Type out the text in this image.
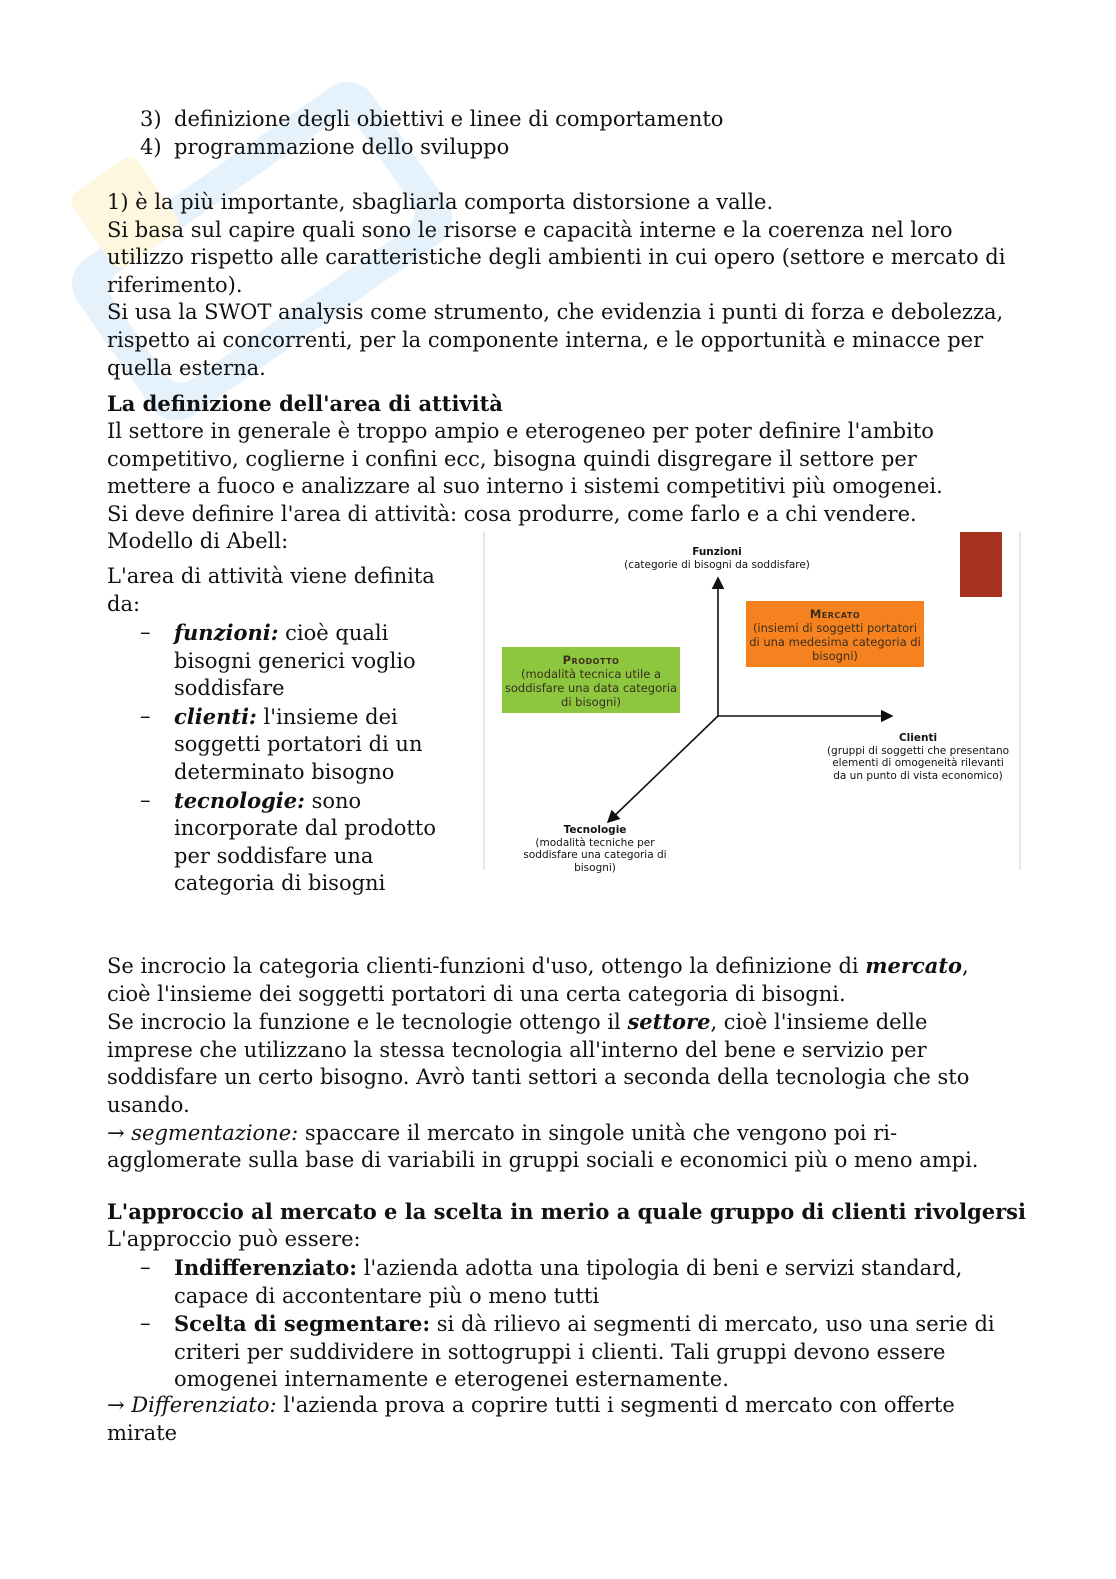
3) definizione degli obiettivi e linee di comportamento
4) programmazione dello sviluppo
1) è la più importante, sbagliarla comporta distorsione a valle.
Si basa sul capire quali sono le risorse e capacità interne e la coerenza nel loro utilizzo rispetto alle caratteristiche degli ambienti in cui opero (settore e mercato di riferimento).
Si usa la SWOT analysis come strumento, che evidenzia i punti di forza e debolezza, rispetto ai concorrenti, per la componente interna, e le opportunità e minacce per quella esterna.
La definizione dell'area di attività
Il settore in generale è troppo ampio e eterogeneo per poter definire l'ambito competitivo, coglierne i confini ecc, bisogna quindi disgregare il settore per mettere a fuoco e analizzare al suo interno i sistemi competitivi più omogenei.
Si deve definire l'area di attività: cosa produrre, come farlo e a chi vendere.
Modello di Abell:
L'area di attività viene definita da:
– funzioni: cioè quali bisogni generici voglio soddisfare
– clienti: l'insieme dei soggetti portatori di un determinato bisogno
– tecnologie: sono incorporate dal prodotto per soddisfare una categoria di bisogni
Funzioni
(categorie di bisogni da soddisfare)
Mercato
(insiemi di soggetti portatori di una medesima categoria di bisogni)
Prodotto
(modalità tecnica utile a soddisfare una data categoria di bisogni)
Clienti
(gruppi di soggetti che presentano elementi di omogeneità rilevanti da un punto di vista economico)
Tecnologie
(modalità tecniche per soddisfare una categoria di bisogni)
Se incrocio la categoria clienti-funzioni d'uso, ottengo la definizione di mercato, cioè l'insieme dei soggetti portatori di una certa categoria di bisogni.
Se incrocio la funzione e le tecnologie ottengo il settore, cioè l'insieme delle imprese che utilizzano la stessa tecnologia all'interno del bene e servizio per soddisfare un certo bisogno. Avrò tanti settori a seconda della tecnologia che sto usando.
→ segmentazione: spaccare il mercato in singole unità che vengono poi ri-agglomerate sulla base di variabili in gruppi sociali e economici più o meno ampi.
L'approccio al mercato e la scelta in merio a quale gruppo di clienti rivolgersi
L'approccio può essere:
– Indifferenziato: l'azienda adotta una tipologia di beni e servizi standard, capace di accontentare più o meno tutti
– Scelta di segmentare: si dà rilievo ai segmenti di mercato, uso una serie di criteri per suddividere in sottogruppi i clienti. Tali gruppi devono essere omogenei internamente e eterogenei esternamente.
→ Differenziato: l'azienda prova a coprire tutti i segmenti d mercato con offerte mirate
